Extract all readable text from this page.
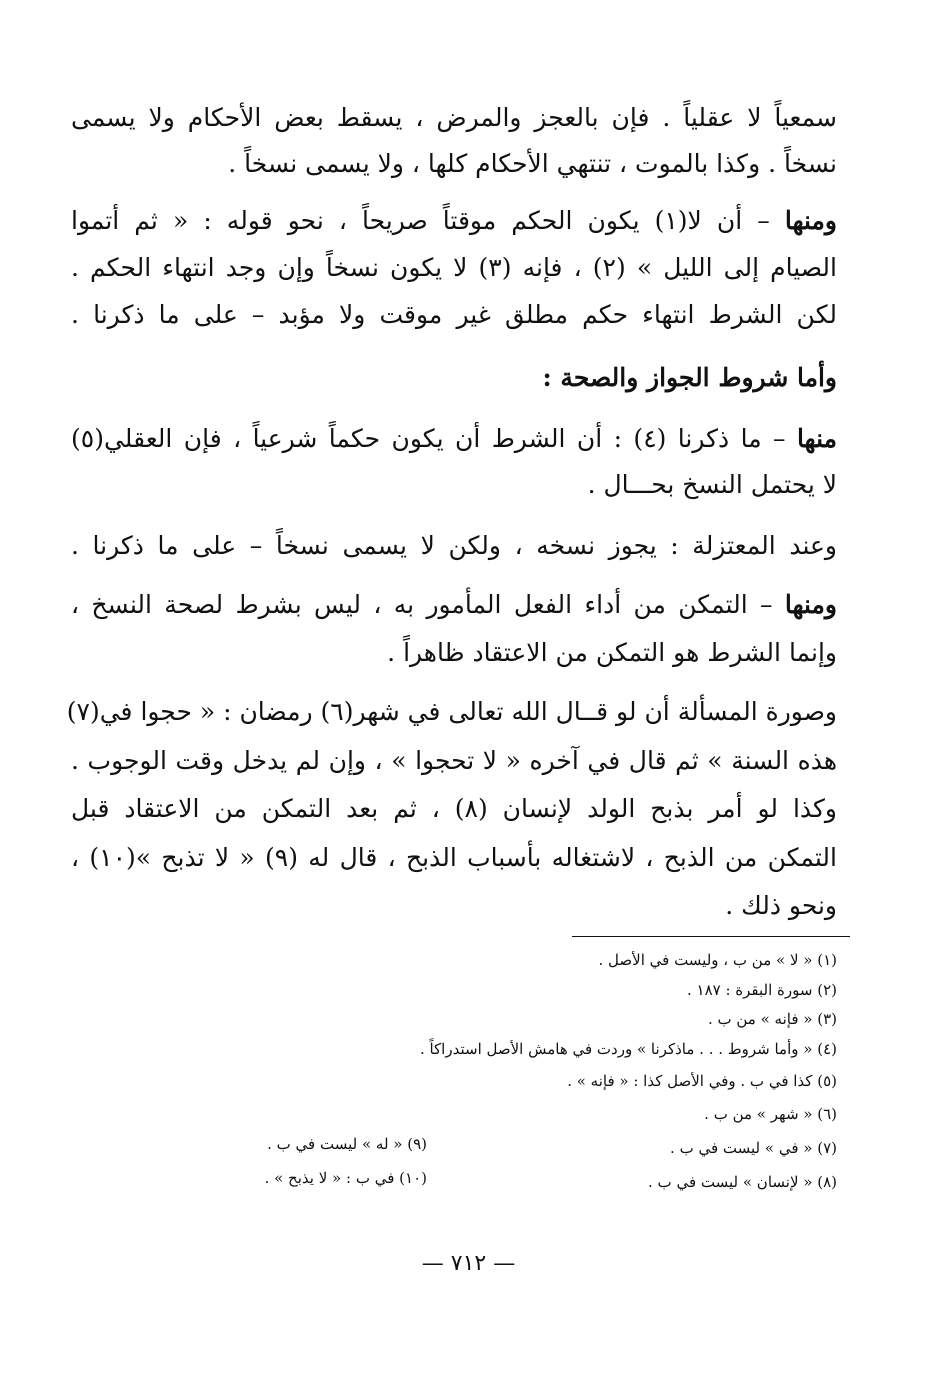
سمعياً لا عقلياً . فإن بالعجز والمرض ، يسقط بعض الأحكام ولا يسمى
نسخاً . وكذا بالموت ، تنتهي الأحكام كلها ، ولا يسمى نسخاً .
ومنها – أن لا(١) يكون الحكم موقتاً صريحاً ، نحو قوله : « ثم أتموا
الصيام إلى الليل » (٢) ، فإنه (٣) لا يكون نسخاً وإن وجد انتهاء الحكم .
لكن الشرط انتهاء حكم مطلق غير موقت ولا مؤبد – على ما ذكرنا .
وأما شروط الجواز والصحة :
منها – ما ذكرنا (٤) : أن الشرط أن يكون حكماً شرعياً ، فإن العقلي(٥)
لا يحتمل النسخ بحـــال .
وعند المعتزلة : يجوز نسخه ، ولكن لا يسمى نسخاً – على ما ذكرنا .
ومنها – التمكن من أداء الفعل المأمور به ، ليس بشرط لصحة النسخ ،
وإنما الشرط هو التمكن من الاعتقاد ظاهراً .
وصورة المسألة أن لو قــال الله تعالى في شهر(٦) رمضان : « حجوا في(٧)
هذه السنة » ثم قال في آخره « لا تحجوا » ، وإن لم يدخل وقت الوجوب .
وكذا لو أمر بذبح الولد لإنسان (٨) ، ثم بعد التمكن من الاعتقاد قبل
التمكن من الذبح ، لاشتغاله بأسباب الذبح ، قال له (٩) « لا تذبح »(١٠) ،
ونحو ذلك .
(١) « لا » من ب ، وليست في الأصل .
(٢) سورة البقرة : ١٨٧ .
(٣) « فإنه » من ب .
(٤) « وأما شروط . . . ماذكرنا » وردت في هامش الأصل استدراكاً .
(٥) كذا في ب . وفي الأصل كذا : « فإنه » .
(٦) « شهر » من ب .
(٧) « في » ليست في ب .
(٨) « لإنسان » ليست في ب .
(٩) « له » ليست في ب .
(١٠) في ب : « لا يذبح » .
— ٧١٢ —
